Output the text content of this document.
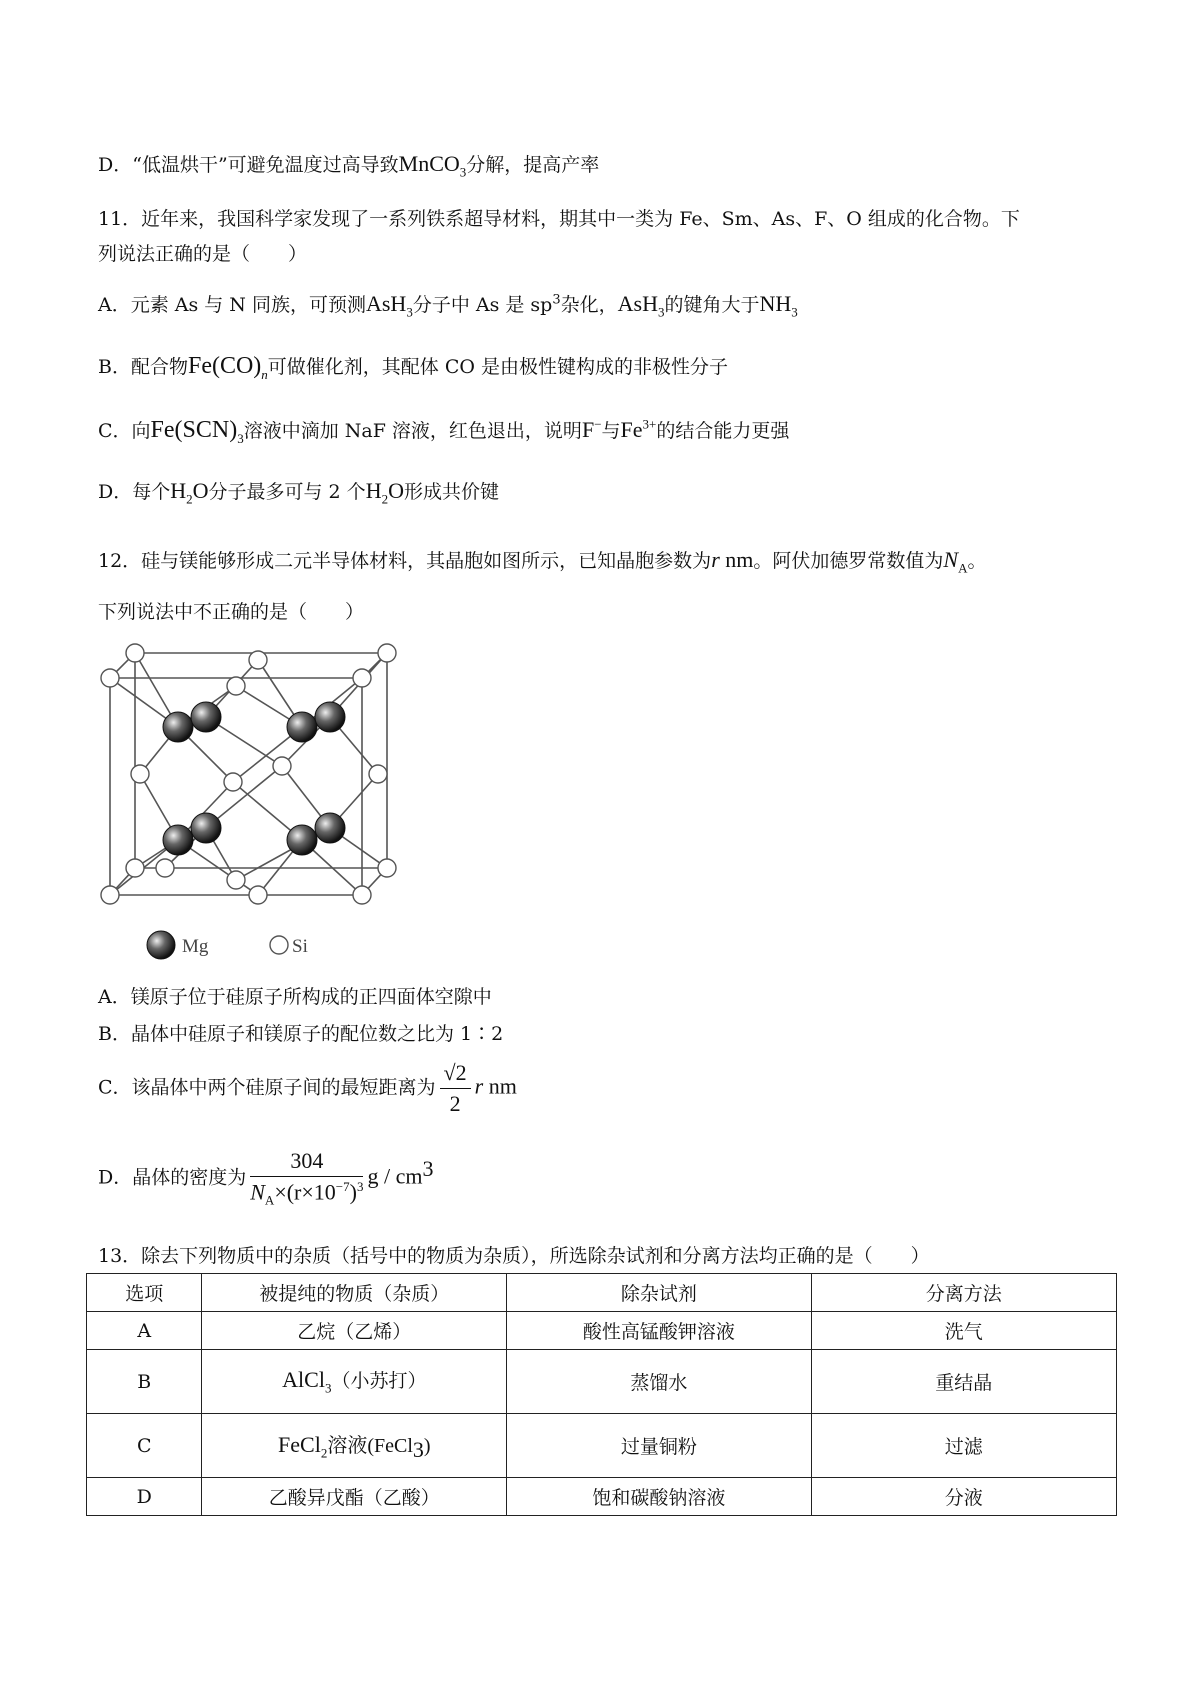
D．“低温烘干”可避免温度过高导致MnCO$_3$分解，提高产率
11．近年来，我国科学家发现了一系列铁系超导材料，期其中一类为 Fe、Sm、As、F、O 组成的化合物。下
列说法正确的是（　　）
A．元素 As 与 N 同族，可预测AsH$_3$分子中 As 是 $sp^3$杂化，AsH$_3$的键角大于$NH_3$
B．配合物$Fe(CO)_n$可做催化剂，其配体 CO 是由极性键构成的非极性分子
C．向$Fe(SCN)_3$溶液中滴加 NaF 溶液，红色退出，说明F−与$Fe^{3+}$的结合能力更强
D．每个$H_2O$分子最多可与 2 个$H_2O$形成共价键
12．硅与镁能够形成二元半导体材料，其晶胞如图所示，已知晶胞参数为r nm。阿伏加德罗常数值为$N_A$。
下列说法中不正确的是（　　）
Mg	Si
A．镁原子位于硅原子所构成的正四面体空隙中
B．晶体中硅原子和镁原子的配位数之比为 1∶2
C．该晶体中两个硅原子间的最短距离为 $\frac{√2}{2}$ r nm
D．晶体的密度为 $\frac{304}{N_A\times(r\times 10^{-7})^3}$ g / $cm^3$
13．除去下列物质中的杂质（括号中的物质为杂质），所选除杂试剂和分离方法均正确的是（　　）
选项	被提纯的物质（杂质）	除杂试剂	分离方法
A	乙烷（乙烯）	酸性高锰酸钾溶液	洗气
B	AlCl$_3$（小苏打）	蒸馏水	重结晶
C	FeCl$_2$溶液(FeCl$_3$)	过量铜粉	过滤
D	乙酸异戊酯（乙酸）	饱和碳酸钠溶液	分液
